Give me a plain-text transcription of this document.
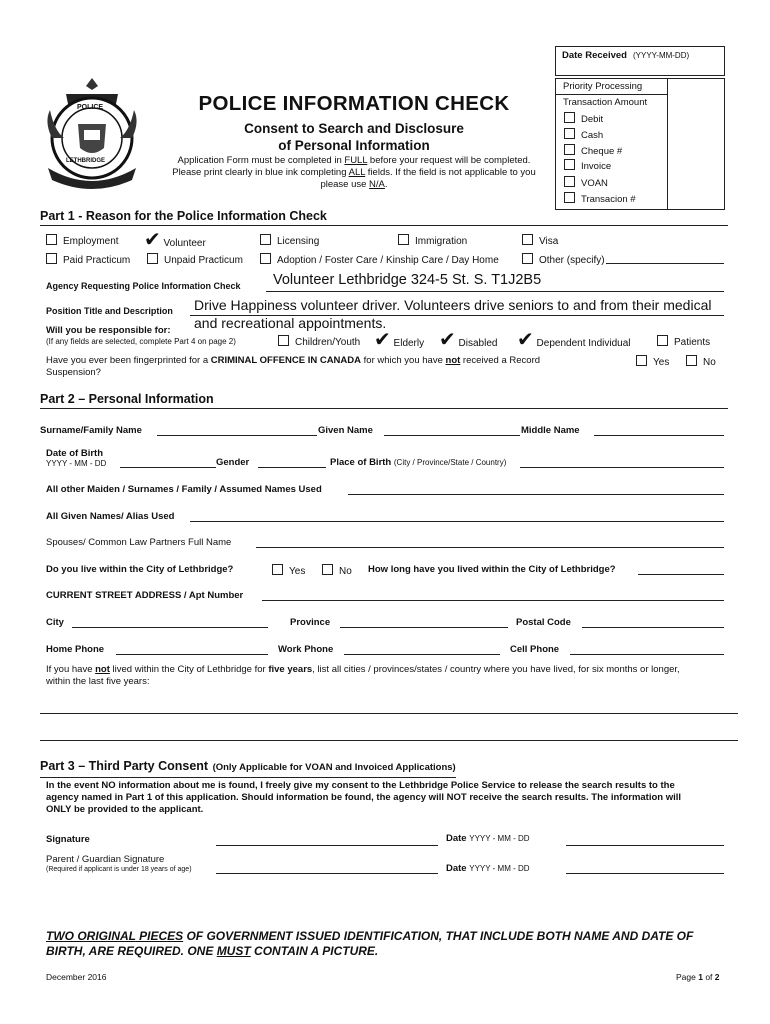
Date Received (YYYY-MM-DD)
POLICE
LETHBRIDGE
POLICE INFORMATION CHECK
Consent to Search and Disclosure
of Personal Information
Application Form must be completed in FULL before your request will be completed.
Please print clearly in blue ink completing ALL fields. If the field is not applicable to you
please use N/A.
Priority Processing
Transaction Amount
Debit
Cash
Cheque #
Invoice
VOAN
Transacion #
Part 1 - Reason for the Police Information Check
Employment ✔ Volunteer	Licensing	Immigration	Visa
Paid Practicum	Unpaid Practicum	Adoption / Foster Care / Kinship Care / Day Home	Other (specify)
Agency Requesting Police Information Check Volunteer Lethbridge 324-5 St. S. T1J2B5
Position Title and Description Drive Happiness volunteer driver. Volunteers drive seniors to and from their medical
and recreational appointments.
Will you be responsible for:
(If any fields are selected, complete Part 4 on page 2)	Children/Youth ✔ Elderly ✔ Disabled ✔ Dependent Individual	Patients
Have you ever been fingerprinted for a CRIMINAL OFFENCE IN CANADA for which you have not received a Record
Suspension?
Yes	No
Part 2 – Personal Information
Surname/Family Name	Given Name	Middle Name
Date of Birth
YYYY - MM - DD	Gender	Place of Birth (City / Province/State / Country)
All other Maiden / Surnames / Family / Assumed Names Used
All Given Names/ Alias Used
Spouses/ Common Law Partners Full Name
Do you live within the City of Lethbridge?	Yes	No How long have you lived within the City of Lethbridge?
CURRENT STREET ADDRESS / Apt Number
City	Province	Postal Code
Home Phone	Work Phone	Cell Phone
If you have not lived within the City of Lethbridge for five years, list all cities / provinces/states / country where you have lived, for six months or longer,
within the last five years:
Part 3 – Third Party Consent (Only Applicable for VOAN and Invoiced Applications)
In the event NO information about me is found, I freely give my consent to the Lethbridge Police Service to release the search results to the
agency named in Part 1 of this application. Should information be found, the agency will NOT receive the search results. The information will
ONLY be provided to the applicant.
Signature	Date YYYY - MM - DD
Parent / Guardian Signature
(Required if applicant is under 18 years of age)	Date YYYY - MM - DD
TWO ORIGINAL PIECES OF GOVERNMENT ISSUED IDENTIFICATION, THAT INCLUDE BOTH NAME AND DATE OF
BIRTH, ARE REQUIRED. ONE MUST CONTAIN A PICTURE.
December 2016	Page 1 of 2
